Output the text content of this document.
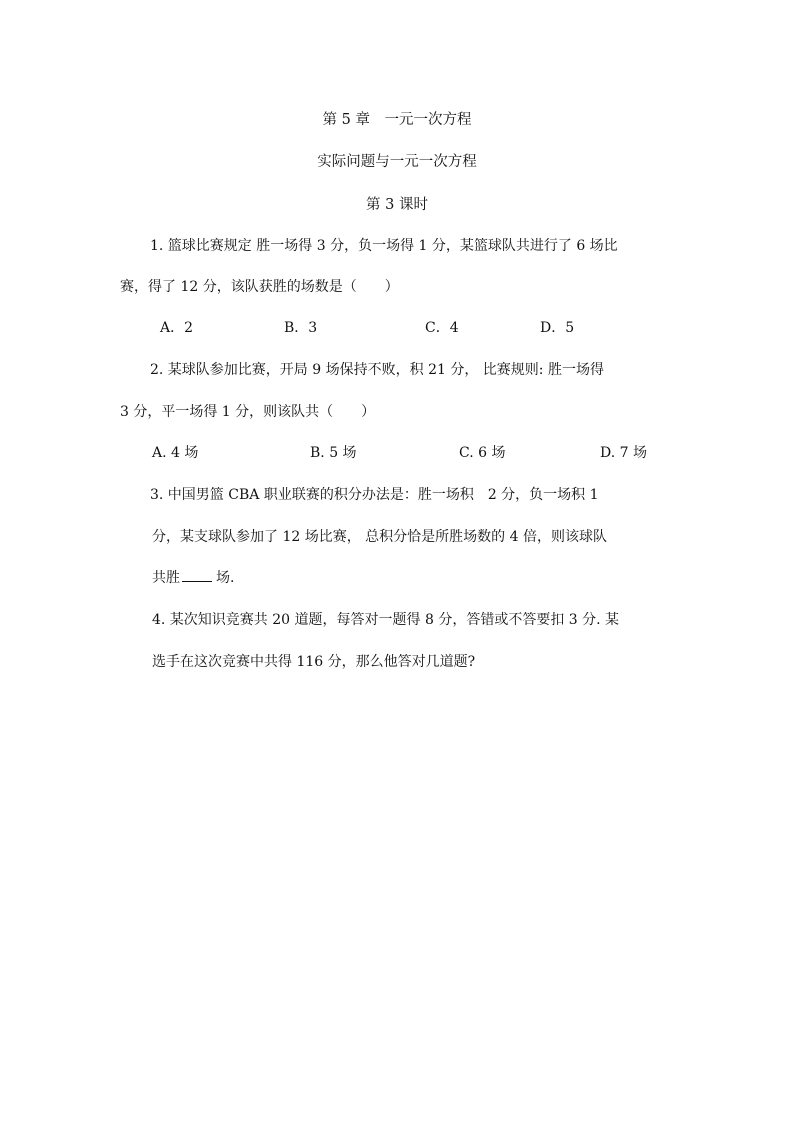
第 5 章　一元一次方程
实际问题与一元一次方程
第 3 课时
1. 篮球比赛规定 胜一场得 3 分，负一场得 1 分，某篮球队共进行了 6 场比
赛，得了 12 分，该队获胜的场数是（　　）
A．2	B．3	C．4	D．5
2. 某球队参加比赛，开局 9 场保持不败，积 21 分， 比赛规则: 胜一场得
3 分，平一场得 1 分，则该队共（　　）
A. 4 场	B. 5 场	C. 6 场	D. 7 场
3. 中国男篮 CBA 职业联赛的积分办法是：胜一场积　2 分，负一场积 1
分，某支球队参加了 12 场比赛， 总积分恰是所胜场数的 4 倍，则该球队
共胜	场.
4. 某次知识竞赛共 20 道题，每答对一题得 8 分，答错或不答要扣 3 分. 某
选手在这次竞赛中共得 116 分，那么他答对几道题?
